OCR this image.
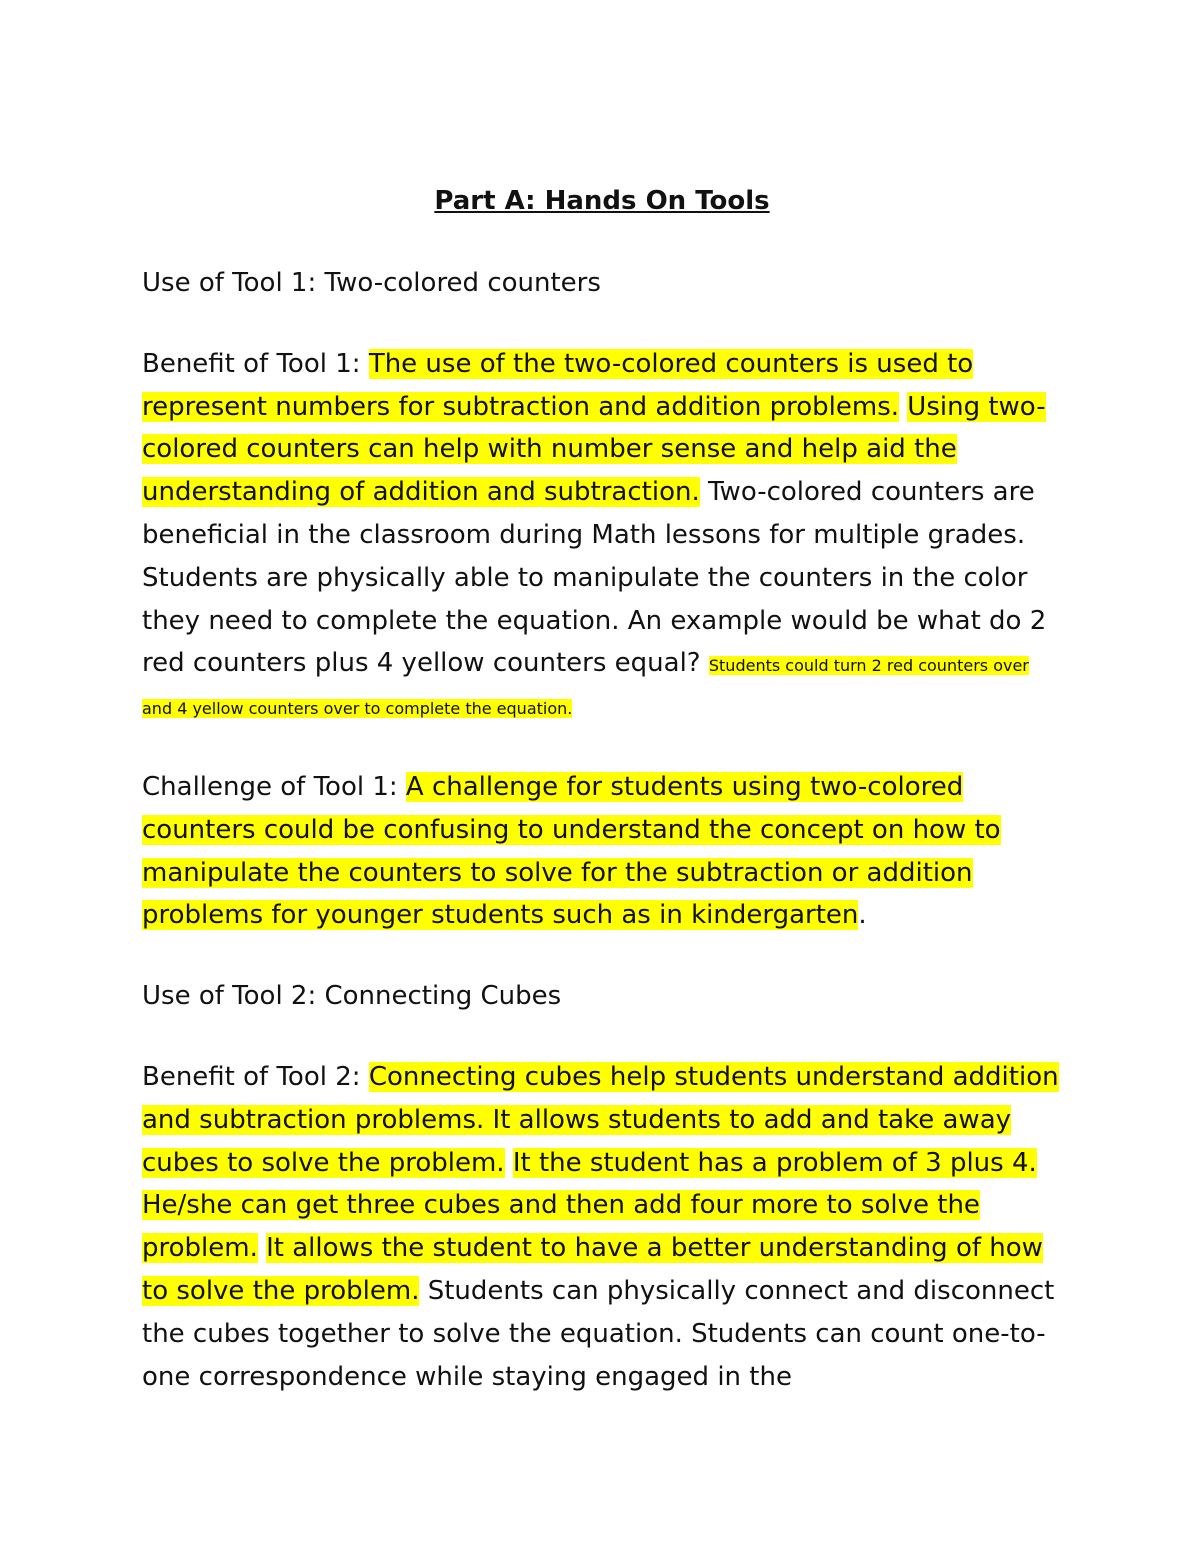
Part A: Hands On Tools

Use of Tool 1: Two-colored counters

Benefit of Tool 1: The use of the two-colored counters is used to represent numbers for subtraction and addition problems. Using two-colored counters can help with number sense and help aid the understanding of addition and subtraction. Two-colored counters are beneficial in the classroom during Math lessons for multiple grades. Students are physically able to manipulate the counters in the color they need to complete the equation. An example would be what do 2 red counters plus 4 yellow counters equal? Students could turn 2 red counters over and 4 yellow counters over to complete the equation.

Challenge of Tool 1: A challenge for students using two-colored counters could be confusing to understand the concept on how to manipulate the counters to solve for the subtraction or addition problems for younger students such as in kindergarten.

Use of Tool 2: Connecting Cubes

Benefit of Tool 2: Connecting cubes help students understand addition and subtraction problems. It allows students to add and take away cubes to solve the problem. It the student has a problem of 3 plus 4. He/she can get three cubes and then add four more to solve the problem. It allows the student to have a better understanding of how to solve the problem. Students can physically connect and disconnect the cubes together to solve the equation. Students can count one-to-one correspondence while staying engaged in the
